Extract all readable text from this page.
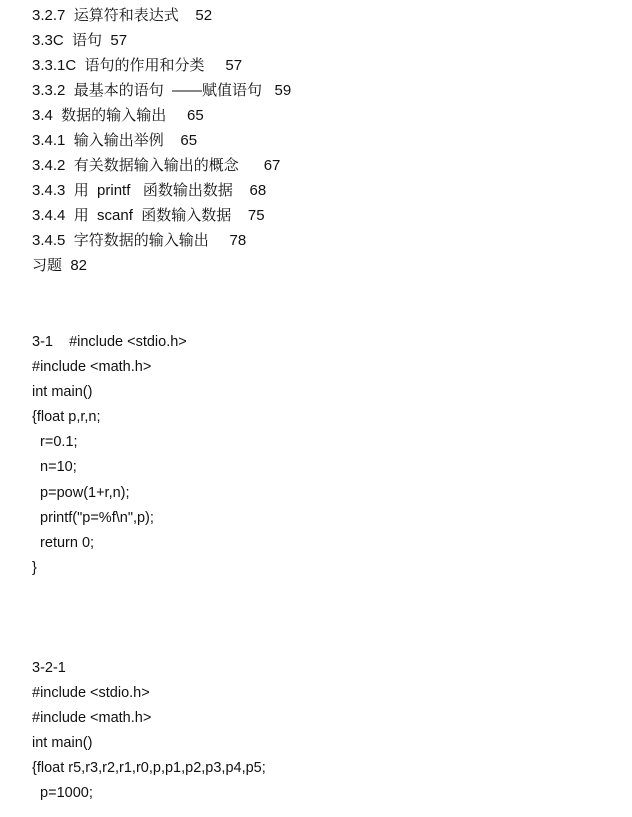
3.2.7  运算符和表达式    52
3.3C  语句  57
3.3.1C  语句的作用和分类     57
3.3.2  最基本的语句  ——赋值语句   59
3.4  数据的输入输出     65
3.4.1  输入输出举例    65
3.4.2  有关数据输入输出的概念      67
3.4.3  用  printf   函数输出数据    68
3.4.4  用  scanf  函数输入数据    75
3.4.5  字符数据的输入输出     78
习题  82
3-1    #include <stdio.h>
#include <math.h>
int main()
{float p,r,n;
r=0.1;
n=10;
p=pow(1+r,n);
printf("p=%f\n",p);
return 0;
}
3-2-1
#include <stdio.h>
#include <math.h>
int main()
{float r5,r3,r2,r1,r0,p,p1,p2,p3,p4,p5;
p=1000;
